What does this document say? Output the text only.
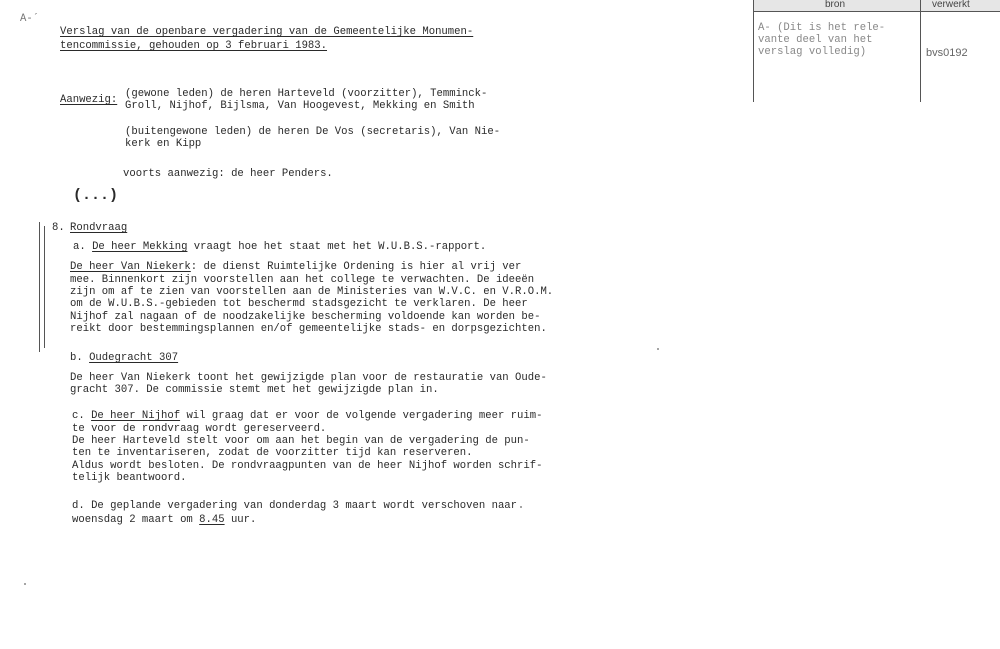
A-´
bron	verwerkt
A- (Dit is het rele-
vante deel van het
verslag volledig)	bvs0192
Verslag van de openbare vergadering van de Gemeentelijke Monumen-
tencommissie, gehouden op 3 februari 1983.
Aanwezig: (gewone leden) de heren Harteveld (voorzitter), Temminck-
Groll, Nijhof, Bijlsma, Van Hoogevest, Mekking en Smith
(buitengewone leden) de heren De Vos (secretaris), Van Nie-
kerk en Kipp
voorts aanwezig: de heer Penders.
(...)
8. Rondvraag
a. De heer Mekking vraagt hoe het staat met het W.U.B.S.-rapport.
De heer Van Niekerk: de dienst Ruimtelijke Ordening is hier al vrij ver
mee. Binnenkort zijn voorstellen aan het college te verwachten. De ideeën
zijn om af te zien van voorstellen aan de Ministeries van W.V.C. en V.R.O.M.
om de W.U.B.S.-gebieden tot beschermd stadsgezicht te verklaren. De heer
Nijhof zal nagaan of de noodzakelijke bescherming voldoende kan worden be-
reikt door bestemmingsplannen en/of gemeentelijke stads- en dorpsgezichten.
b. Oudegracht 307
De heer Van Niekerk toont het gewijzigde plan voor de restauratie van Oude-
gracht 307. De commissie stemt met het gewijzigde plan in.
c. De heer Nijhof wil graag dat er voor de volgende vergadering meer ruim-
te voor de rondvraag wordt gereserveerd.
De heer Harteveld stelt voor om aan het begin van de vergadering de pun-
ten te inventariseren, zodat de voorzitter tijd kan reserveren.
Aldus wordt besloten. De rondvraagpunten van de heer Nijhof worden schrif-
telijk beantwoord.
d. De geplande vergadering van donderdag 3 maart wordt verschoven naar
woensdag 2 maart om 8.45 uur.
